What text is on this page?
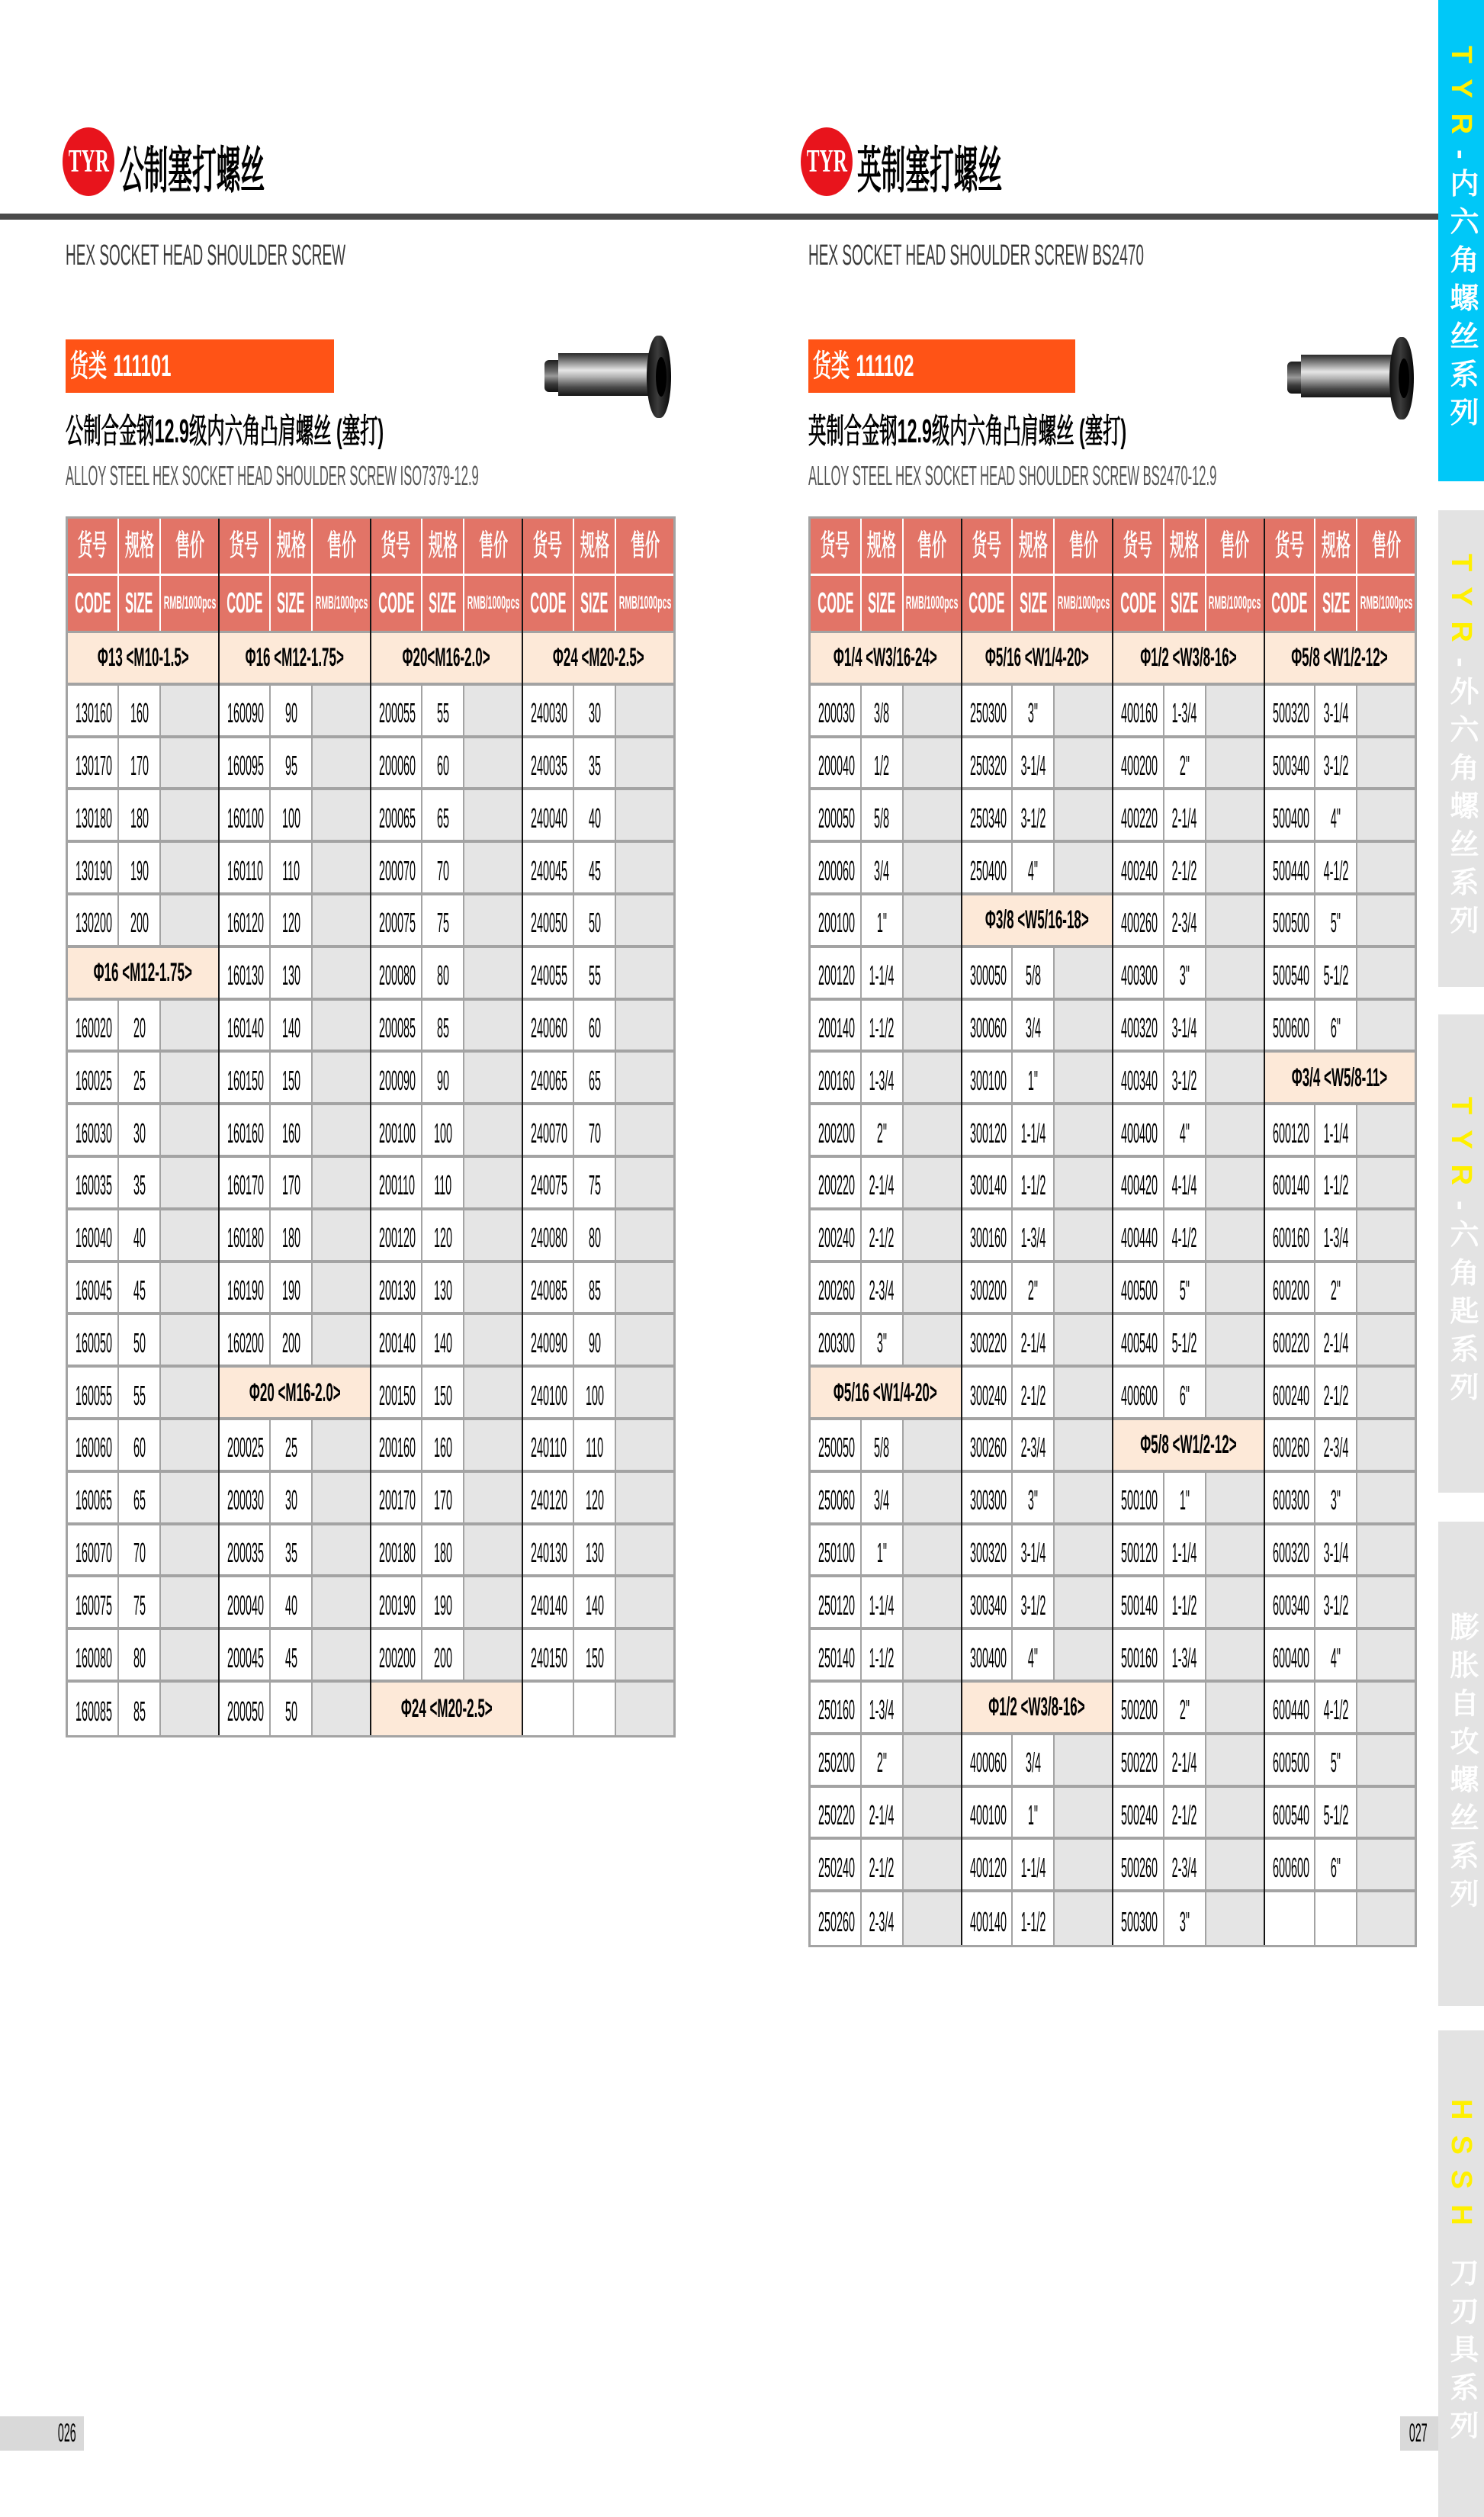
TYR 公制塞打螺丝
HEX SOCKET HEAD SHOULDER SCREW
货类 111101
公制合金钢12.9级内六角凸肩螺丝 (塞打)
ALLOY STEEL HEX SOCKET HEAD SHOULDER SCREW ISO7379-12.9
货号 规格 售价
CODE SIZE RMB/1000pcs
Φ13 <M10-1.5>
130160 160
130170 170
130180 180
130190 190
130200 200
Φ16 <M12-1.75>
160020 20
160025 25
160030 30
160035 35
160040 40
160045 45
160050 50
160055 55
160060 60
160065 65
160070 70
160075 75
160080 80
160085 85
货号 规格 售价
CODE SIZE RMB/1000pcs
Φ16 <M12-1.75>
160090 90
160095 95
160100 100
160110 110
160120 120
160130 130
160140 140
160150 150
160160 160
160170 170
160180 180
160190 190
160200 200
Φ20 <M16-2.0>
200025 25
200030 30
200035 35
200040 40
200045 45
200050 50
货号 规格 售价
CODE SIZE RMB/1000pcs
Φ20<M16-2.0>
200055 55
200060 60
200065 65
200070 70
200075 75
200080 80
200085 85
200090 90
200100 100
200110 110
200120 120
200130 130
200140 140
200150 150
200160 160
200170 170
200180 180
200190 190
200200 200
Φ24 <M20-2.5>
货号 规格 售价
CODE SIZE RMB/1000pcs
Φ24 <M20-2.5>
240030 30
240035 35
240040 40
240045 45
240050 50
240055 55
240060 60
240065 65
240070 70
240075 75
240080 80
240085 85
240090 90
240100 100
240110 110
240120 120
240130 130
240140 140
240150 150
026
TYR 英制塞打螺丝
HEX SOCKET HEAD SHOULDER SCREW BS2470
货类 111102
英制合金钢12.9级内六角凸肩螺丝 (塞打)
ALLOY STEEL HEX SOCKET HEAD SHOULDER SCREW BS2470-12.9
货号 规格 售价
CODE SIZE RMB/1000pcs
Φ1/4 <W3/16-24>
200030 3/8
200040 1/2
200050 5/8
200060 3/4
200100 1"
200120 1-1/4
200140 1-1/2
200160 1-3/4
200200 2"
200220 2-1/4
200240 2-1/2
200260 2-3/4
200300 3"
Φ5/16 <W1/4-20>
250050 5/8
250060 3/4
250100 1"
250120 1-1/4
250140 1-1/2
250160 1-3/4
250200 2"
250220 2-1/4
250240 2-1/2
250260 2-3/4
货号 规格 售价
CODE SIZE RMB/1000pcs
Φ5/16 <W1/4-20>
250300 3"
250320 3-1/4
250340 3-1/2
250400 4"
Φ3/8 <W5/16-18>
300050 5/8
300060 3/4
300100 1"
300120 1-1/4
300140 1-1/2
300160 1-3/4
300200 2"
300220 2-1/4
300240 2-1/2
300260 2-3/4
300300 3"
300320 3-1/4
300340 3-1/2
300400 4"
Φ1/2 <W3/8-16>
400060 3/4
400100 1"
400120 1-1/4
400140 1-1/2
货号 规格 售价
CODE SIZE RMB/1000pcs
Φ1/2 <W3/8-16>
400160 1-3/4
400200 2"
400220 2-1/4
400240 2-1/2
400260 2-3/4
400300 3"
400320 3-1/4
400340 3-1/2
400400 4"
400420 4-1/4
400440 4-1/2
400500 5"
400540 5-1/2
400600 6"
Φ5/8 <W1/2-12>
500100 1"
500120 1-1/4
500140 1-1/2
500160 1-3/4
500200 2"
500220 2-1/4
500240 2-1/2
500260 2-3/4
500300 3"
货号 规格 售价
CODE SIZE RMB/1000pcs
Φ5/8 <W1/2-12>
500320 3-1/4
500340 3-1/2
500400 4"
500440 4-1/2
500500 5"
500540 5-1/2
500600 6"
Φ3/4 <W5/8-11>
600120 1-1/4
600140 1-1/2
600160 1-3/4
600200 2"
600220 2-1/4
600240 2-1/2
600260 2-3/4
600300 3"
600320 3-1/4
600340 3-1/2
600400 4"
600440 4-1/2
600500 5"
600540 5-1/2
600600 6"
027
TYR-内六角螺丝系列
TYR-外六角螺丝系列
TYR-六角匙系列
膨胀自攻螺丝系列
HSSH 刀刃具系列
